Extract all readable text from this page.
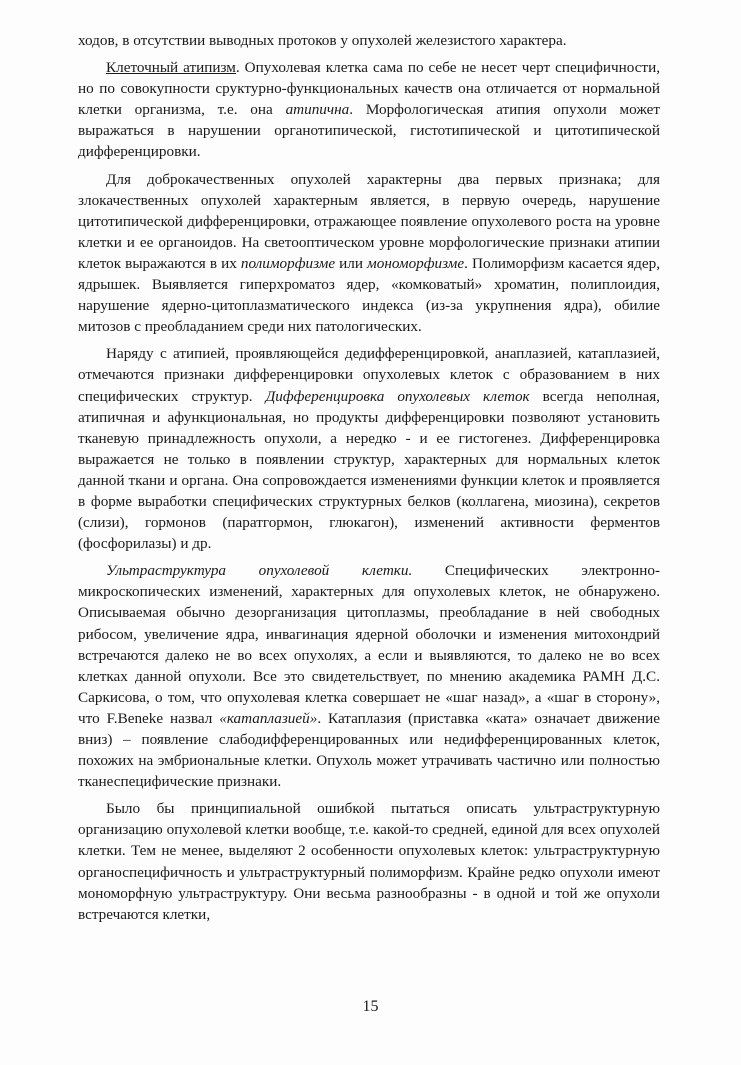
ходов, в отсутствии выводных протоков у опухолей железистого характера.

Клеточный атипизм. Опухолевая клетка сама по себе не несет черт специфичности, но по совокупности сруктурно-функциональных качеств она отличается от нормальной клетки организма, т.е. она атипична. Морфологическая атипия опухоли может выражаться в нарушении органотипической, гистотипической и цитотипической дифференцировки.

Для доброкачественных опухолей характерны два первых признака; для злокачественных опухолей характерным является, в первую очередь, нарушение цитотипической дифференцировки, отражающее появление опухолевого роста на уровне клетки и ее органоидов. На светооптическом уровне морфологические признаки атипии клеток выражаются в их полиморфизме или мономорфизме. Полиморфизм касается ядер, ядрышек. Выявляется гиперхроматоз ядер, «комковатый» хроматин, полиплоидия, нарушение ядерно-цитоплазматического индекса (из-за укрупнения ядра), обилие митозов с преобладанием среди них патологических.

Наряду с атипией, проявляющейся дедифференцировкой, анаплазией, катаплазией, отмечаются признаки дифференцировки опухолевых клеток с образованием в них специфических структур. Дифференцировка опухолевых клеток всегда неполная, атипичная и афункциональная, но продукты дифференцировки позволяют установить тканевую принадлежность опухоли, а нередко - и ее гистогенез. Дифференцировка выражается не только в появлении структур, характерных для нормальных клеток данной ткани и органа. Она сопровождается изменениями функции клеток и проявляется в форме выработки специфических структурных белков (коллагена, миозина), секретов (слизи), гормонов (паратгормон, глюкагон), изменений активности ферментов (фосфорилазы) и др.

Ультраструктура опухолевой клетки. Специфических электронно-микроскопических изменений, характерных для опухолевых клеток, не обнаружено. Описываемая обычно дезорганизация цитоплазмы, преобладание в ней свободных рибосом, увеличение ядра, инвагинация ядерной оболочки и изменения митохондрий встречаются далеко не во всех опухолях, а если и выявляются, то далеко не во всех клетках данной опухоли. Все это свидетельствует, по мнению академика РАМН Д.С. Саркисова, о том, что опухолевая клетка совершает не «шаг назад», а «шаг в сторону», что F.Beneke назвал «катаплазией». Катаплазия (приставка «ката» означает движение вниз) – появление слабодифференцированных или недифференцированных клеток, похожих на эмбриональные клетки. Опухоль может утрачивать частично или полностью тканеспецифические признаки.

Было бы принципиальной ошибкой пытаться описать ультраструктурную организацию опухолевой клетки вообще, т.е. какой-то средней, единой для всех опухолей клетки. Тем не менее, выделяют 2 особенности опухолевых клеток: ультраструктурную органоспецифичность и ультраструктурный полиморфизм. Крайне редко опухоли имеют мономорфную ультраструктуру. Они весьма разнообразны - в одной и той же опухоли встречаются клетки,

15
